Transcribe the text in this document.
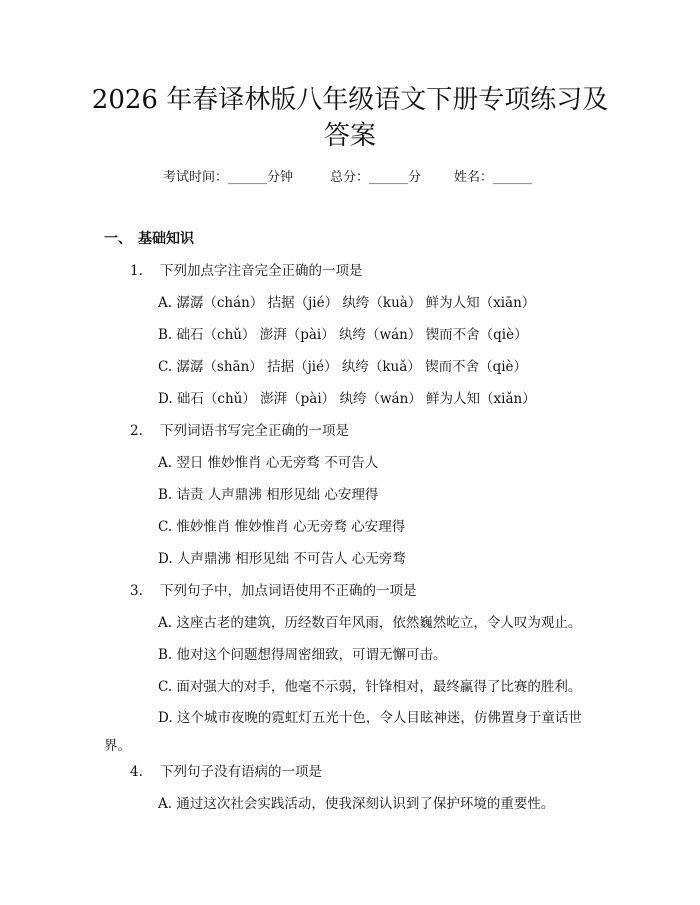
2026 年春译林版八年级语文下册专项练习及
答案

考试时间：______分钟

	总分：______分

	姓名：______

一、 基础知识
1. 下列加点字注音完全正确的一项是
A. 潺潺（chán） 拮据（jié） 纨绔（kuà） 鲜为人知（xiān）
B. 础石（chǔ） 澎湃（pài） 纨绔（wán） 锲而不舍（qiè）
C. 潺潺（shān） 拮据（jié） 纨绔（kuǎ） 锲而不舍（qiè）
D. 础石（chǔ） 澎湃（pài） 纨绔（wán） 鲜为人知（xiǎn）
2. 下列词语书写完全正确的一项是
A. 翌日 惟妙惟肖 心无旁骛 不可告人
B. 诘责 人声鼎沸 相形见绌 心安理得
C. 惟妙惟肖 惟妙惟肖 心无旁骛 心安理得
D. 人声鼎沸 相形见绌 不可告人 心无旁骛
3. 下列句子中，加点词语使用不正确的一项是
A. 这座古老的建筑，历经数百年风雨，依然巍然屹立，令人叹为观止。
B. 他对这个问题想得周密细致，可谓无懈可击。
C. 面对强大的对手，他毫不示弱，针锋相对，最终赢得了比赛的胜利。
D. 这个城市夜晚的霓虹灯五光十色，令人目眩神迷，仿佛置身于童话世界。
4. 下列句子没有语病的一项是
A. 通过这次社会实践活动，使我深刻认识到了保护环境的重要性。
